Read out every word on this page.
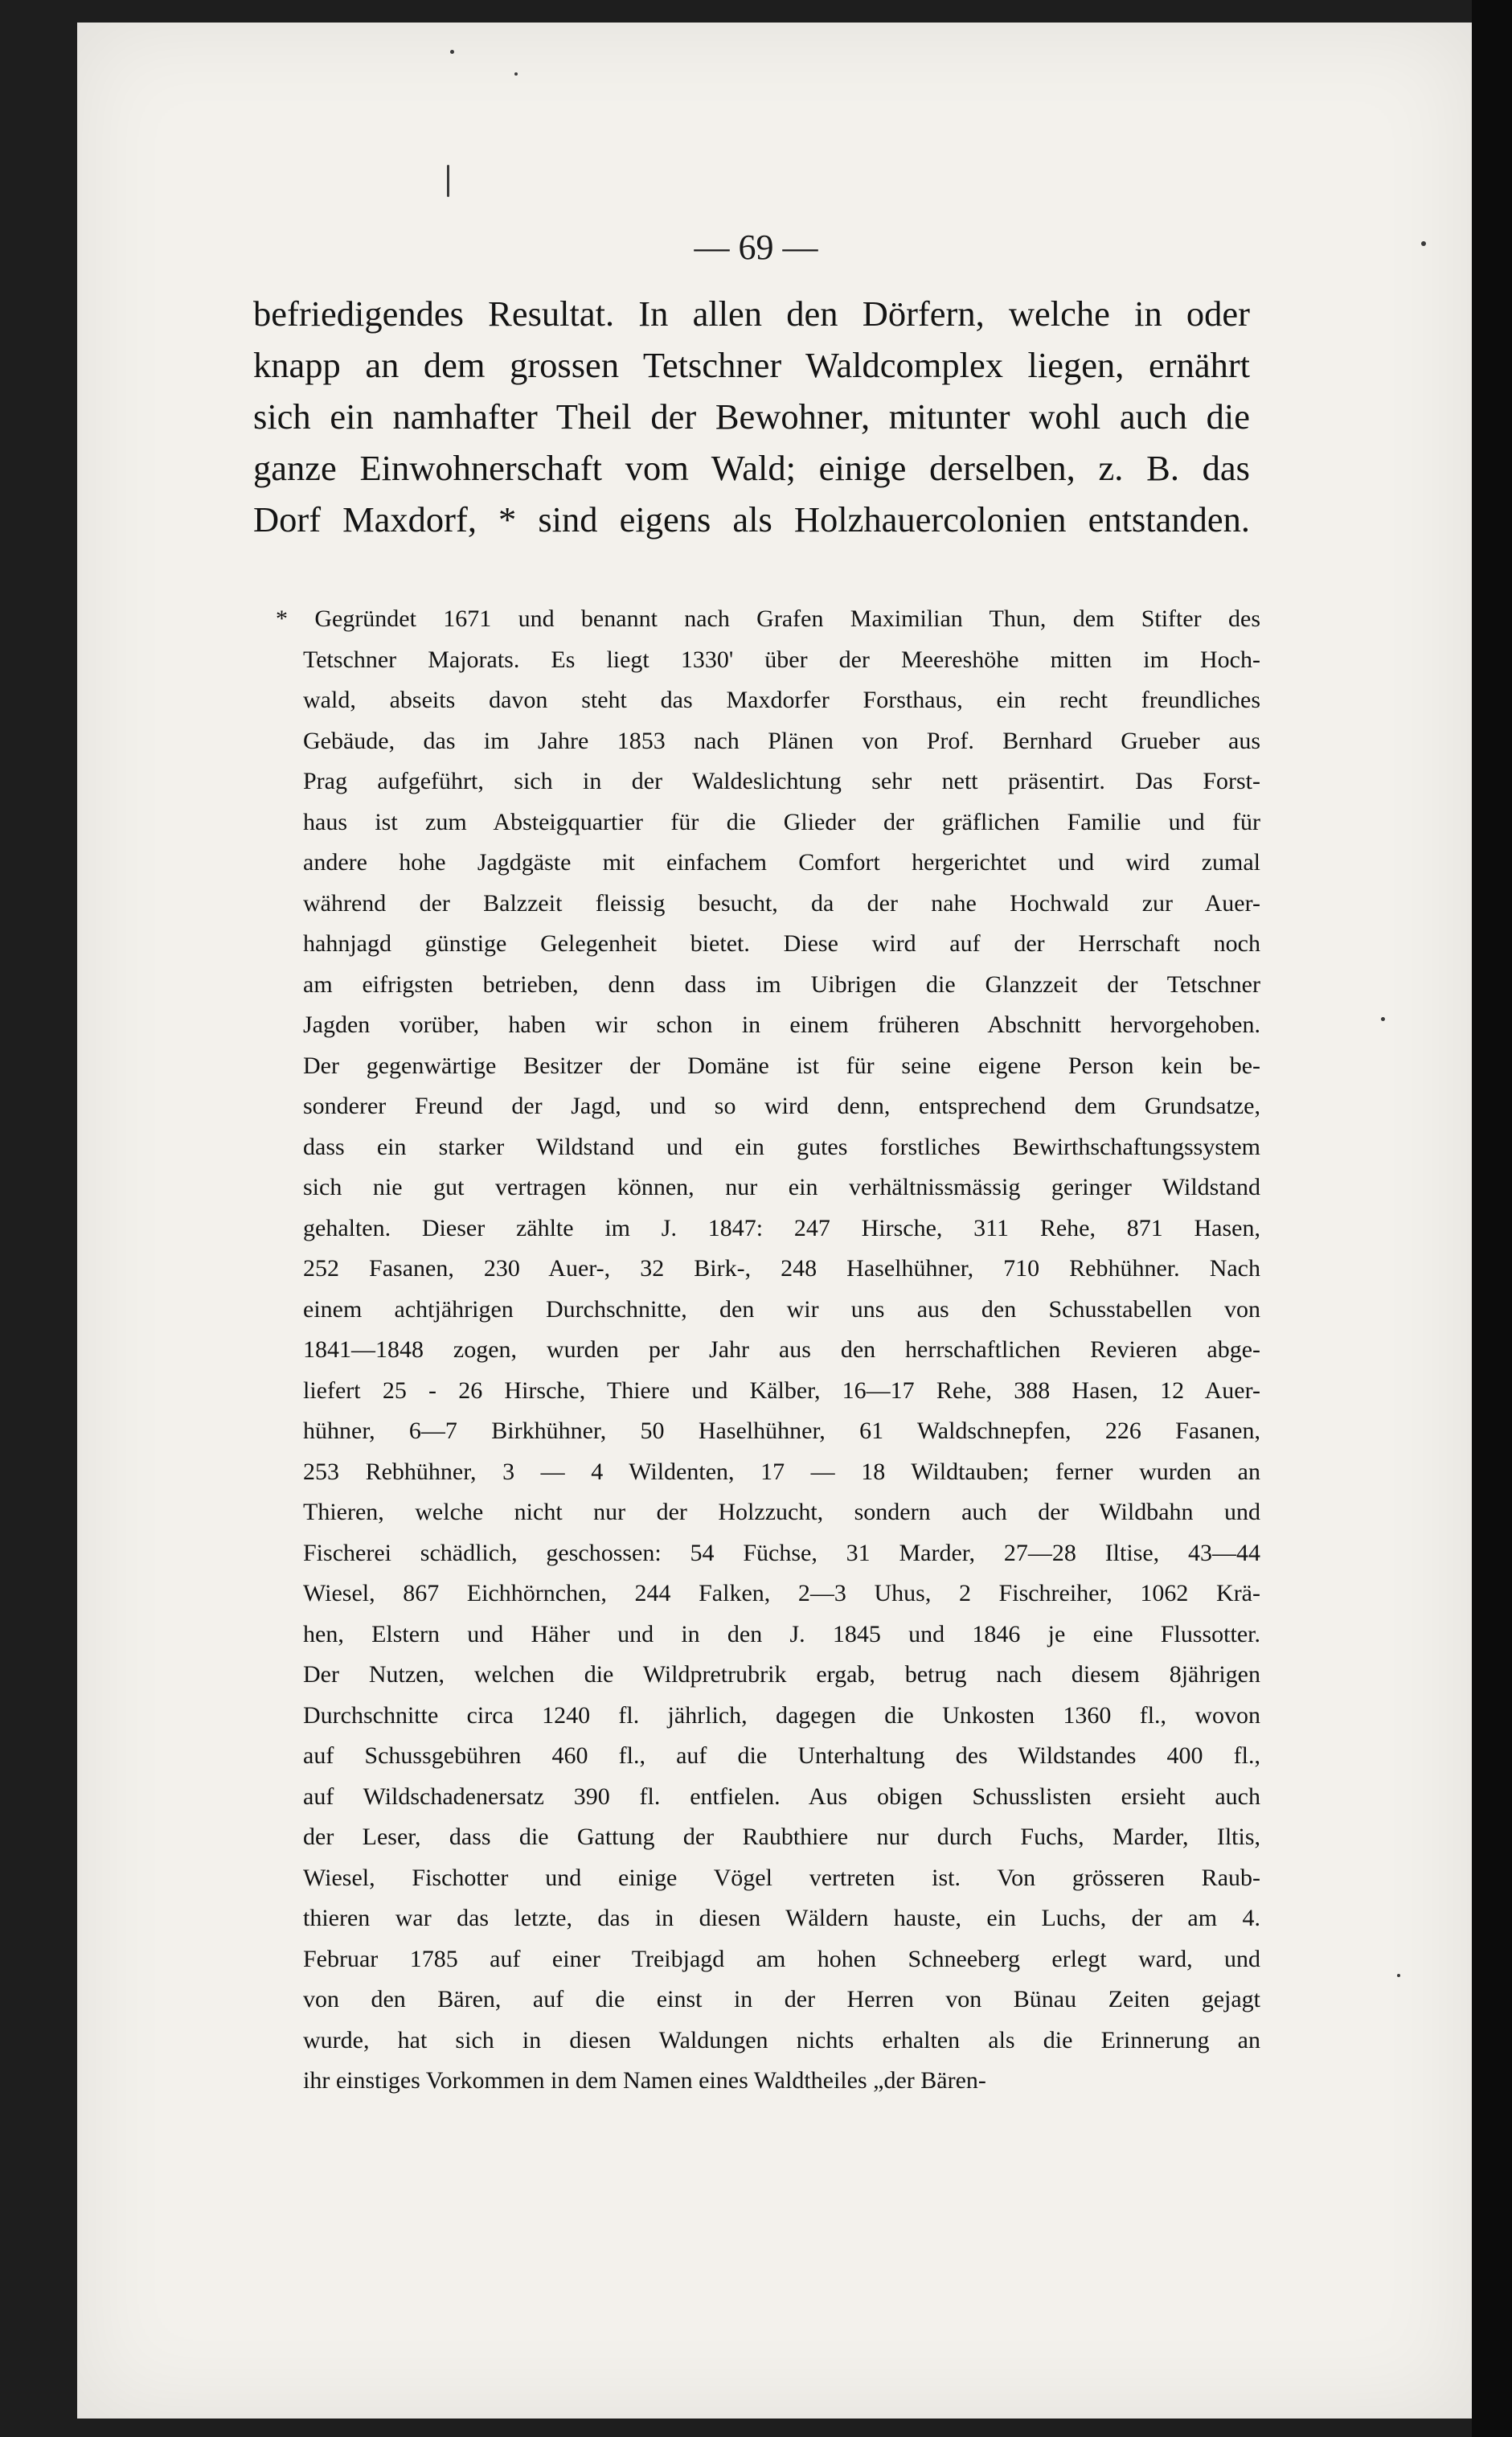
— 69 —
befriedigendes Resultat. In allen den Dörfern, welche in oder
knapp an dem grossen Tetschner Waldcomplex liegen, ernährt
sich ein namhafter Theil der Bewohner, mitunter wohl auch die
ganze Einwohnerschaft vom Wald; einige derselben, z. B. das
Dorf Maxdorf, * sind eigens als Holzhauercolonien entstanden.
* Gegründet 1671 und benannt nach Grafen Maximilian Thun, dem Stifter des
Tetschner Majorats. Es liegt 1330' über der Meereshöhe mitten im Hoch-
wald, abseits davon steht das Maxdorfer Forsthaus, ein recht freundliches
Gebäude, das im Jahre 1853 nach Plänen von Prof. Bernhard Grueber aus
Prag aufgeführt, sich in der Waldeslichtung sehr nett präsentirt. Das Forst-
haus ist zum Absteigquartier für die Glieder der gräflichen Familie und für
andere hohe Jagdgäste mit einfachem Comfort hergerichtet und wird zumal
während der Balzzeit fleissig besucht, da der nahe Hochwald zur Auer-
hahnjagd günstige Gelegenheit bietet. Diese wird auf der Herrschaft noch
am eifrigsten betrieben, denn dass im Uibrigen die Glanzzeit der Tetschner
Jagden vorüber, haben wir schon in einem früheren Abschnitt hervorgehoben.
Der gegenwärtige Besitzer der Domäne ist für seine eigene Person kein be-
sonderer Freund der Jagd, und so wird denn, entsprechend dem Grundsatze,
dass ein starker Wildstand und ein gutes forstliches Bewirthschaftungssystem
sich nie gut vertragen können, nur ein verhältnissmässig geringer Wildstand
gehalten. Dieser zählte im J. 1847: 247 Hirsche, 311 Rehe, 871 Hasen,
252 Fasanen, 230 Auer-, 32 Birk-, 248 Haselhühner, 710 Rebhühner. Nach
einem achtjährigen Durchschnitte, den wir uns aus den Schusstabellen von
1841—1848 zogen, wurden per Jahr aus den herrschaftlichen Revieren abge-
liefert 25 - 26 Hirsche, Thiere und Kälber, 16—17 Rehe, 388 Hasen, 12 Auer-
hühner, 6—7 Birkhühner, 50 Haselhühner, 61 Waldschnepfen, 226 Fasanen,
253 Rebhühner, 3 — 4 Wildenten, 17 — 18 Wildtauben; ferner wurden an
Thieren, welche nicht nur der Holzzucht, sondern auch der Wildbahn und
Fischerei schädlich, geschossen: 54 Füchse, 31 Marder, 27—28 Iltise, 43—44
Wiesel, 867 Eichhörnchen, 244 Falken, 2—3 Uhus, 2 Fischreiher, 1062 Krä-
hen, Elstern und Häher und in den J. 1845 und 1846 je eine Flussotter.
Der Nutzen, welchen die Wildpretrubrik ergab, betrug nach diesem 8jährigen
Durchschnitte circa 1240 fl. jährlich, dagegen die Unkosten 1360 fl., wovon
auf Schussgebühren 460 fl., auf die Unterhaltung des Wildstandes 400 fl.,
auf Wildschadenersatz 390 fl. entfielen. Aus obigen Schusslisten ersieht auch
der Leser, dass die Gattung der Raubthiere nur durch Fuchs, Marder, Iltis,
Wiesel, Fischotter und einige Vögel vertreten ist. Von grösseren Raub-
thieren war das letzte, das in diesen Wäldern hauste, ein Luchs, der am 4.
Februar 1785 auf einer Treibjagd am hohen Schneeberg erlegt ward, und
von den Bären, auf die einst in der Herren von Bünau Zeiten gejagt
wurde, hat sich in diesen Waldungen nichts erhalten als die Erinnerung an
ihr einstiges Vorkommen in dem Namen eines Waldtheiles „der Bären-
